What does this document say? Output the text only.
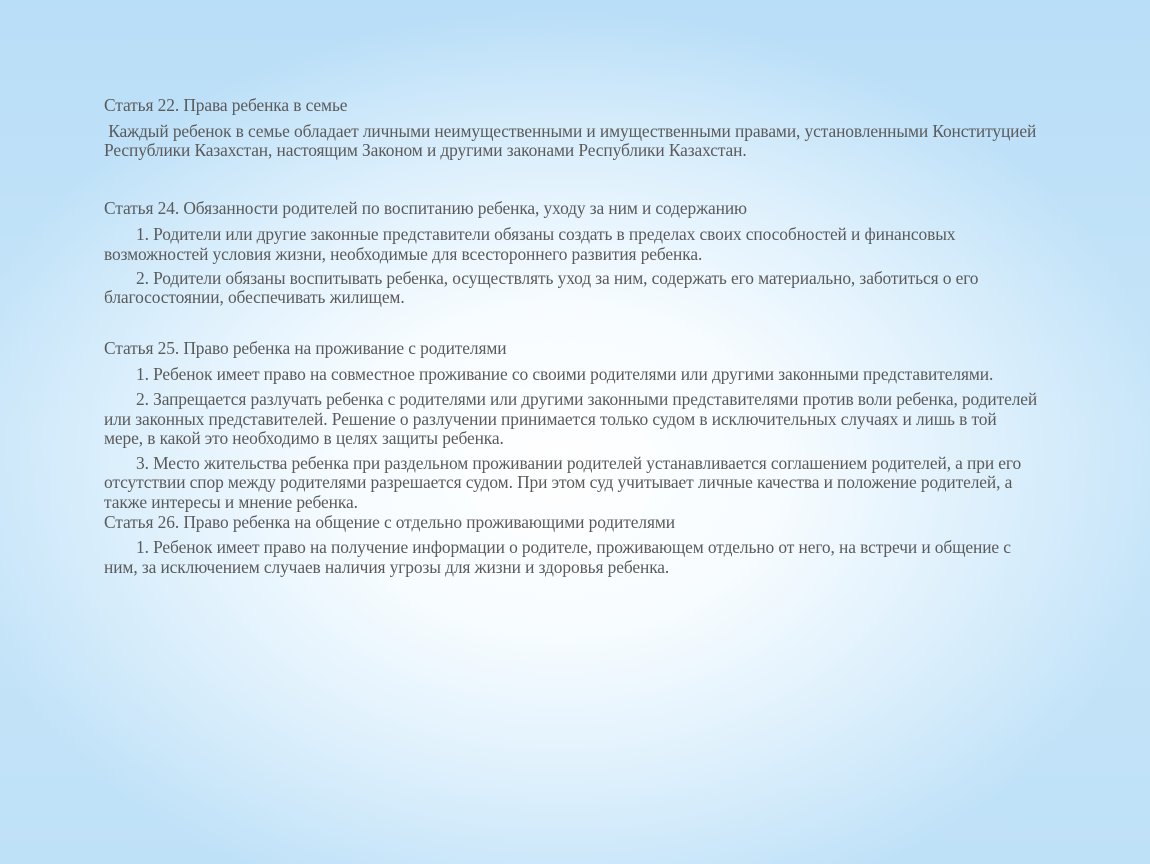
Статья 22. Права ребенка в семье

Каждый ребенок в семье обладает личными неимущественными и имущественными правами, установленными Конституцией Республики Казахстан, настоящим Законом и другими законами Республики Казахстан.

Статья 24. Обязанности родителей по воспитанию ребенка, уходу за ним и содержанию

1. Родители или другие законные представители обязаны создать в пределах своих способностей и финансовых возможностей условия жизни, необходимые для всестороннего развития ребенка.

2. Родители обязаны воспитывать ребенка, осуществлять уход за ним, содержать его материально, заботиться о его благосостоянии, обеспечивать жилищем.

Статья 25. Право ребенка на проживание с родителями

1. Ребенок имеет право на совместное проживание со своими родителями или другими законными представителями.

2. Запрещается разлучать ребенка с родителями или другими законными представителями против воли ребенка, родителей или законных представителей. Решение о разлучении принимается только судом в исключительных случаях и лишь в той мере, в какой это необходимо в целях защиты ребенка.

3. Место жительства ребенка при раздельном проживании родителей устанавливается соглашением родителей, а при его отсутствии спор между родителями разрешается судом. При этом суд учитывает личные качества и положение родителей, а также интересы и мнение ребенка.

Статья 26. Право ребенка на общение с отдельно проживающими родителями

1. Ребенок имеет право на получение информации о родителе, проживающем отдельно от него, на встречи и общение с ним, за исключением случаев наличия угрозы для жизни и здоровья ребенка.
